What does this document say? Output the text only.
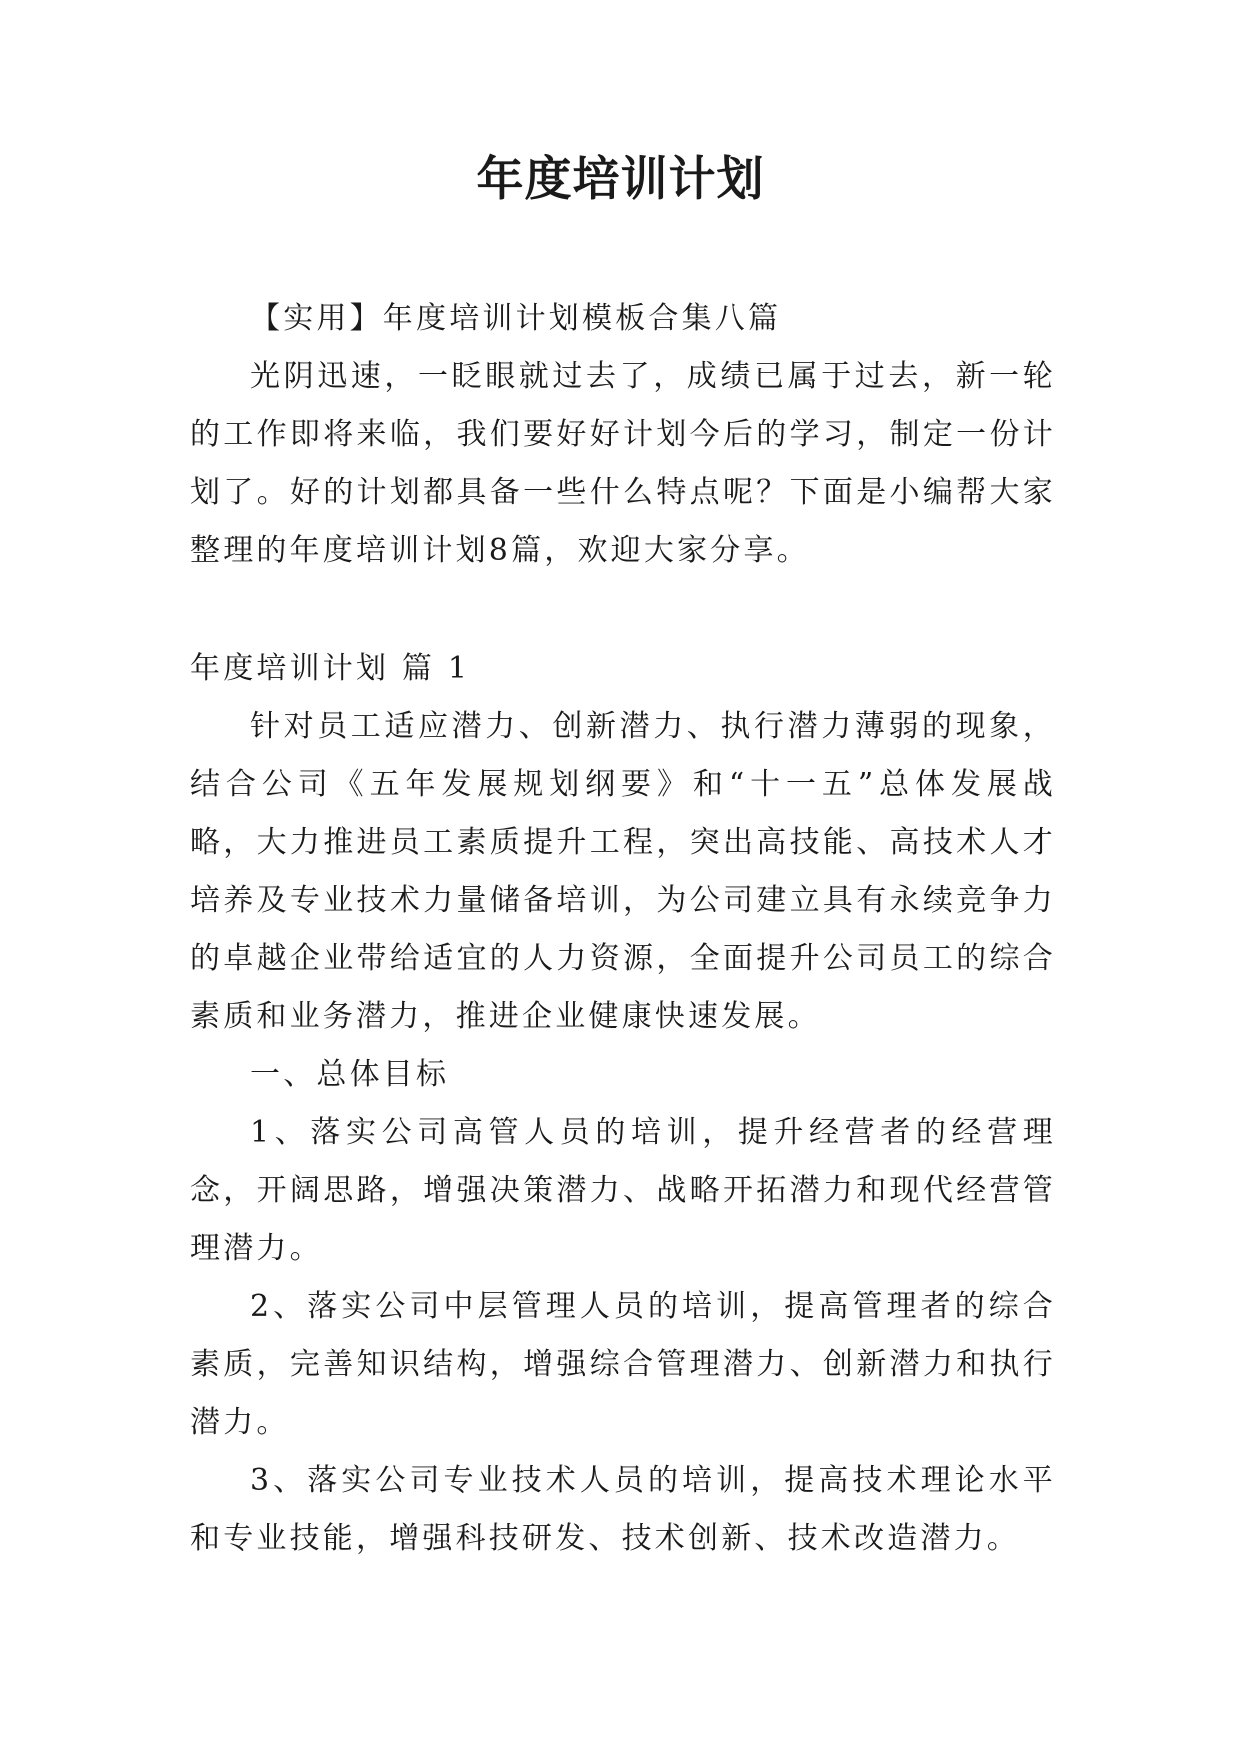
年度培训计划

【实用】年度培训计划模板合集八篇

光阴迅速，一眨眼就过去了，成绩已属于过去，新一轮的工作即将来临，我们要好好计划今后的学习，制定一份计划了。好的计划都具备一些什么特点呢？下面是小编帮大家整理的年度培训计划8篇，欢迎大家分享。

年度培训计划 篇 1

针对员工适应潜力、创新潜力、执行潜力薄弱的现象，结合公司《五年发展规划纲要》和“十一五”总体发展战略，大力推进员工素质提升工程，突出高技能、高技术人才培养及专业技术力量储备培训，为公司建立具有永续竞争力的卓越企业带给适宜的人力资源，全面提升公司员工的综合素质和业务潜力，推进企业健康快速发展。

一、总体目标

1、落实公司高管人员的培训，提升经营者的经营理念，开阔思路，增强决策潜力、战略开拓潜力和现代经营管理潜力。

2、落实公司中层管理人员的培训，提高管理者的综合素质，完善知识结构，增强综合管理潜力、创新潜力和执行潜力。

3、落实公司专业技术人员的培训，提高技术理论水平和专业技能，增强科技研发、技术创新、技术改造潜力。
